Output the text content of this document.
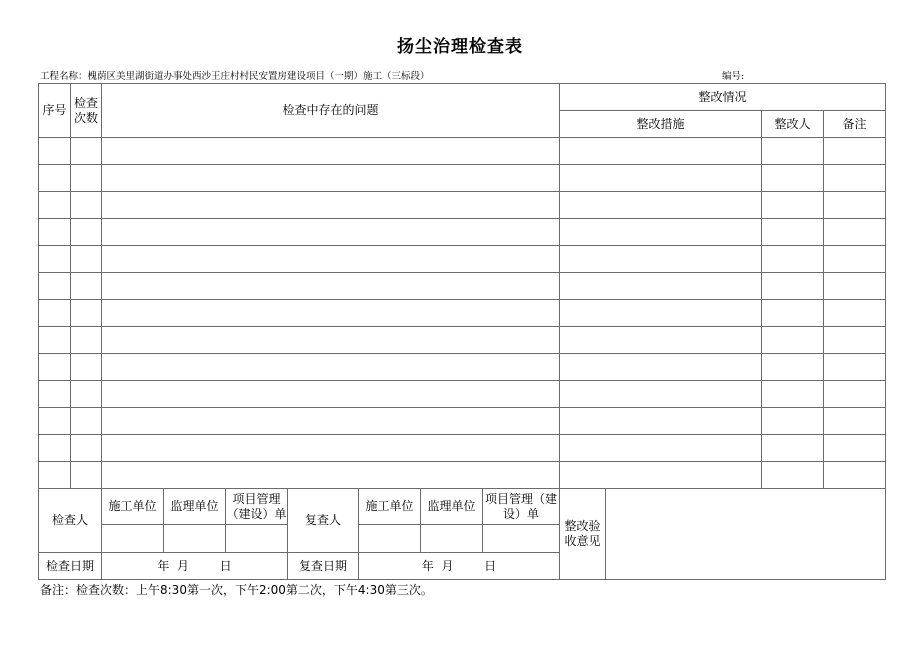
扬尘治理检查表
工程名称：槐荫区美里湖街道办事处西沙王庄村村民安置房建设项目（一期）施工（三标段）	编号:
序号	检查次数	检查中存在的问题							整改情况			
									整改措施		整改人	备注

检查人		施工单位	监理单位	项目管理（建设）单	复查人	施工单位	监理单位	项目管理（建设）单	整改验收意见			

检查日期		年  月        日			复查日期	年  月        日						
备注：检查次数：上午8:30第一次，下午2:00第二次，下午4:30第三次。
